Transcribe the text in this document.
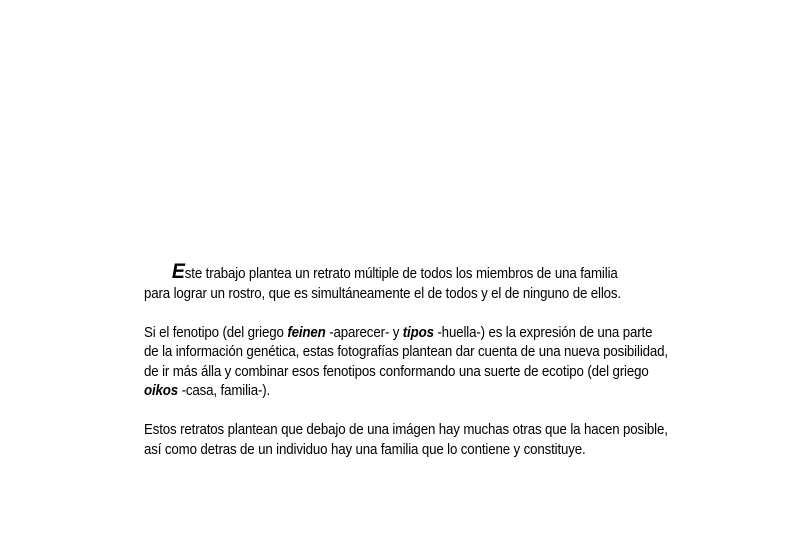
Este trabajo plantea un retrato múltiple de todos los miembros de una familia
para lograr un rostro, que es simultáneamente el de todos y el de ninguno de ellos.
Si el fenotipo (del griego feinen -aparecer- y tipos -huella-) es la expresión de una parte
de la información genética, estas fotografías plantean dar cuenta de una nueva posibilidad,
de ir más álla y combinar esos fenotipos conformando una suerte de ecotipo (del griego
oikos -casa, familia-).
Estos retratos plantean que debajo de una imágen hay muchas otras que la hacen posible,
así como detras de un individuo hay una familia que lo contiene y constituye.
